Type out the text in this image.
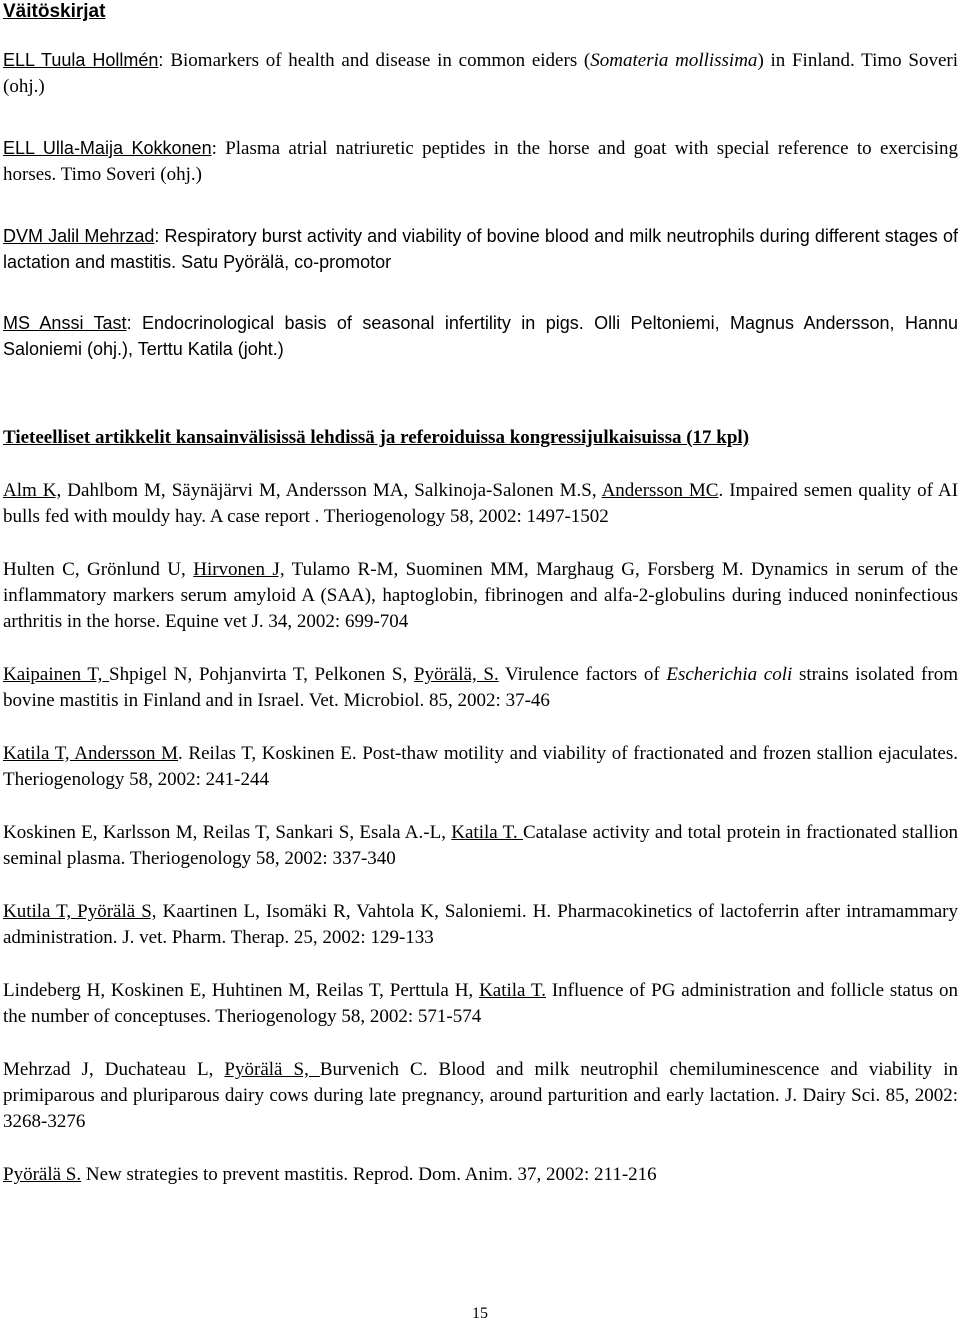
Väitöskirjat

ELL Tuula Hollmén: Biomarkers of health and disease in common eiders (Somateria mollissima) in Finland. Timo Soveri (ohj.)

ELL Ulla-Maija Kokkonen: Plasma atrial natriuretic peptides in the horse and goat with special reference to exercising horses. Timo Soveri (ohj.)

DVM Jalil Mehrzad: Respiratory burst activity and viability of bovine blood and milk neutrophils during different stages of lactation and mastitis. Satu Pyörälä, co-promotor

MS Anssi Tast: Endocrinological basis of seasonal infertility in pigs. Olli Peltoniemi, Magnus Andersson, Hannu Saloniemi (ohj.), Terttu Katila (joht.)

Tieteelliset artikkelit kansainvälisissä lehdissä ja referoiduissa kongressijulkaisuissa (17 kpl)

Alm K, Dahlbom M, Säynäjärvi M, Andersson MA, Salkinoja-Salonen M.S, Andersson MC. Impaired semen quality of AI bulls fed with mouldy hay. A case report . Theriogenology 58, 2002: 1497-1502

Hulten C, Grönlund U, Hirvonen J, Tulamo R-M, Suominen MM, Marghaug G, Forsberg M. Dynamics in serum of the inflammatory markers serum amyloid A (SAA), haptoglobin, fibrinogen and alfa-2-globulins during induced noninfectious arthritis in the horse. Equine vet J. 34, 2002: 699-704

Kaipainen T, Shpigel N, Pohjanvirta T, Pelkonen S, Pyörälä, S. Virulence factors of Escherichia coli strains isolated from bovine mastitis in Finland and in Israel. Vet. Microbiol. 85, 2002: 37-46

Katila T, Andersson M. Reilas T, Koskinen E. Post-thaw motility and viability of fractionated and frozen stallion ejaculates. Theriogenology 58, 2002: 241-244

Koskinen E, Karlsson M, Reilas T, Sankari S, Esala A.-L, Katila T. Catalase activity and total protein in fractionated stallion seminal plasma. Theriogenology 58, 2002: 337-340

Kutila T, Pyörälä S, Kaartinen L, Isomäki R, Vahtola K, Saloniemi. H. Pharmacokinetics of lactoferrin after intramammary administration. J. vet. Pharm. Therap. 25, 2002: 129-133

Lindeberg H, Koskinen E, Huhtinen M, Reilas T, Perttula H, Katila T. Influence of PG administration and follicle status on the number of conceptuses. Theriogenology 58, 2002: 571-574

Mehrzad J, Duchateau L, Pyörälä S, Burvenich C. Blood and milk neutrophil chemiluminescence and viability in primiparous and pluriparous dairy cows during late pregnancy, around parturition and early lactation. J. Dairy Sci. 85, 2002: 3268-3276

Pyörälä S. New strategies to prevent mastitis. Reprod. Dom. Anim. 37, 2002: 211-216

15
